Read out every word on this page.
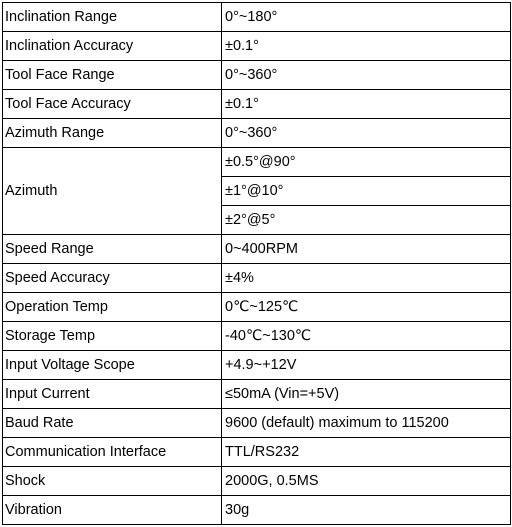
Inclination Range	0°~180°
Inclination Accuracy	±0.1°
Tool Face Range	0°~360°
Tool Face Accuracy	±0.1°
Azimuth Range	0°~360°
Azimuth	±0.5°@90°
	±1°@10°
	±2°@5°
Speed Range	0~400RPM
Speed Accuracy	±4%
Operation Temp	0℃~125℃
Storage Temp	-40℃~130℃
Input Voltage Scope	+4.9~+12V
Input Current	≤50mA (Vin=+5V)
Baud Rate	9600 (default) maximum to 115200
Communication Interface	TTL/RS232
Shock	2000G, 0.5MS
Vibration	30g
